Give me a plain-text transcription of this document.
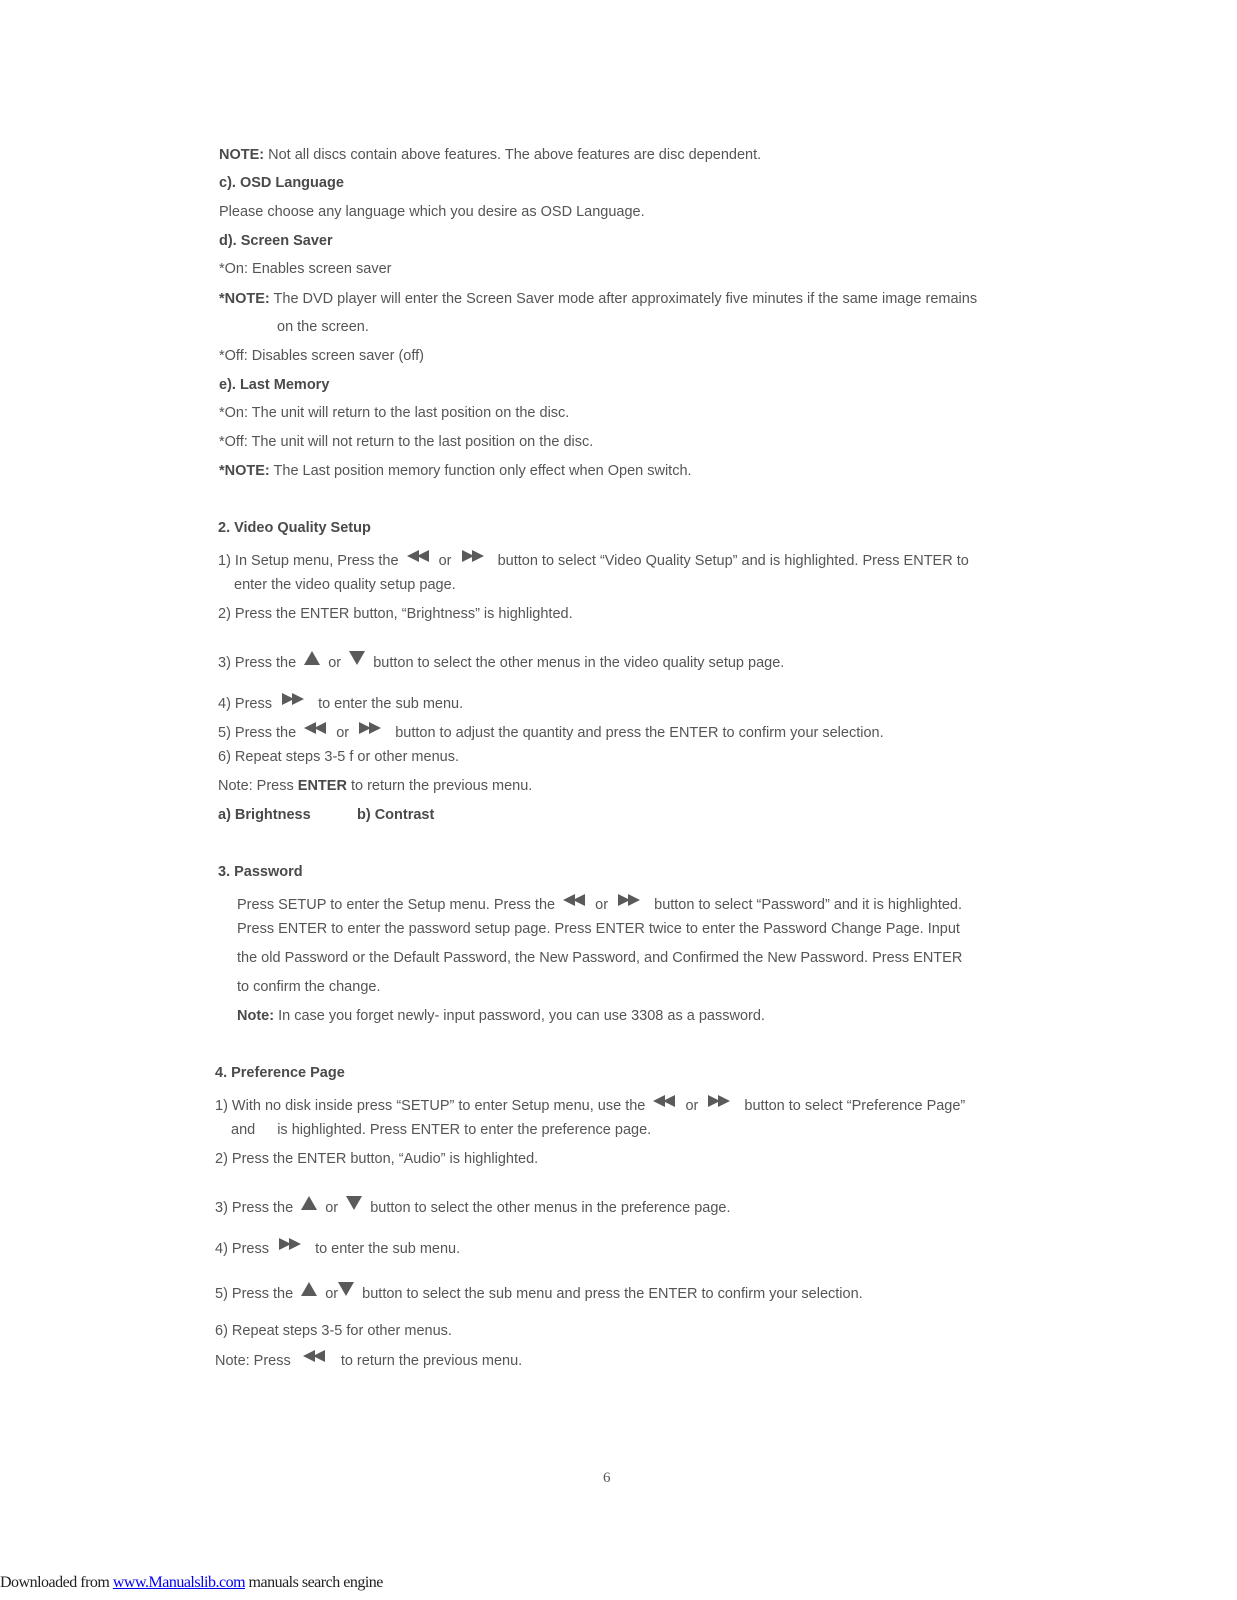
NOTE: Not all discs contain above features. The above features are disc dependent.
c). OSD Language
Please choose any language which you desire as OSD Language.
d). Screen Saver
*On: Enables screen saver
*NOTE: The DVD player will enter the Screen Saver mode after approximately five minutes if the same image remains
on the screen.
*Off: Disables screen saver (off)
e). Last Memory
*On: The unit will return to the last position on the disc.
*Off: The unit will not return to the last position on the disc.
*NOTE: The Last position memory function only effect when Open switch.
2. Video Quality Setup
1) In Setup menu, Press the	or	button to select “Video Quality Setup” and is highlighted. Press ENTER to
enter the video quality setup page.
2) Press the ENTER button, “Brightness” is highlighted.
3) Press the or button to select the other menus in the video quality setup page.
4) Press	to enter the sub menu.
5) Press the	or	button to adjust the quantity and press the ENTER to confirm your selection.
6) Repeat steps 3-5 f or other menus.
Note: Press ENTER to return the previous menu.
a) Brightness	b) Contrast
3. Password
Press SETUP to enter the Setup menu. Press the	or	button to select “Password” and it is highlighted.
Press ENTER to enter the password setup page. Press ENTER twice to enter the Password Change Page. Input
the old Password or the Default Password, the New Password, and Confirmed the New Password. Press ENTER
to confirm the change.
Note: In case you forget newly- input password, you can use 3308 as a password.
4. Preference Page
1) With no disk inside press “SETUP” to enter Setup menu, use the	or	button to select “Preference Page”
and is highlighted. Press ENTER to enter the preference page.
2) Press the ENTER button, “Audio” is highlighted.
3) Press the or button to select the other menus in the preference page.
4) Press	to enter the sub menu.
5) Press the or button to select the sub menu and press the ENTER to confirm your selection.
6) Repeat steps 3-5 for other menus.
Note: Press	to return the previous menu.
6
Downloaded from www.Manualslib.com manuals search engine
